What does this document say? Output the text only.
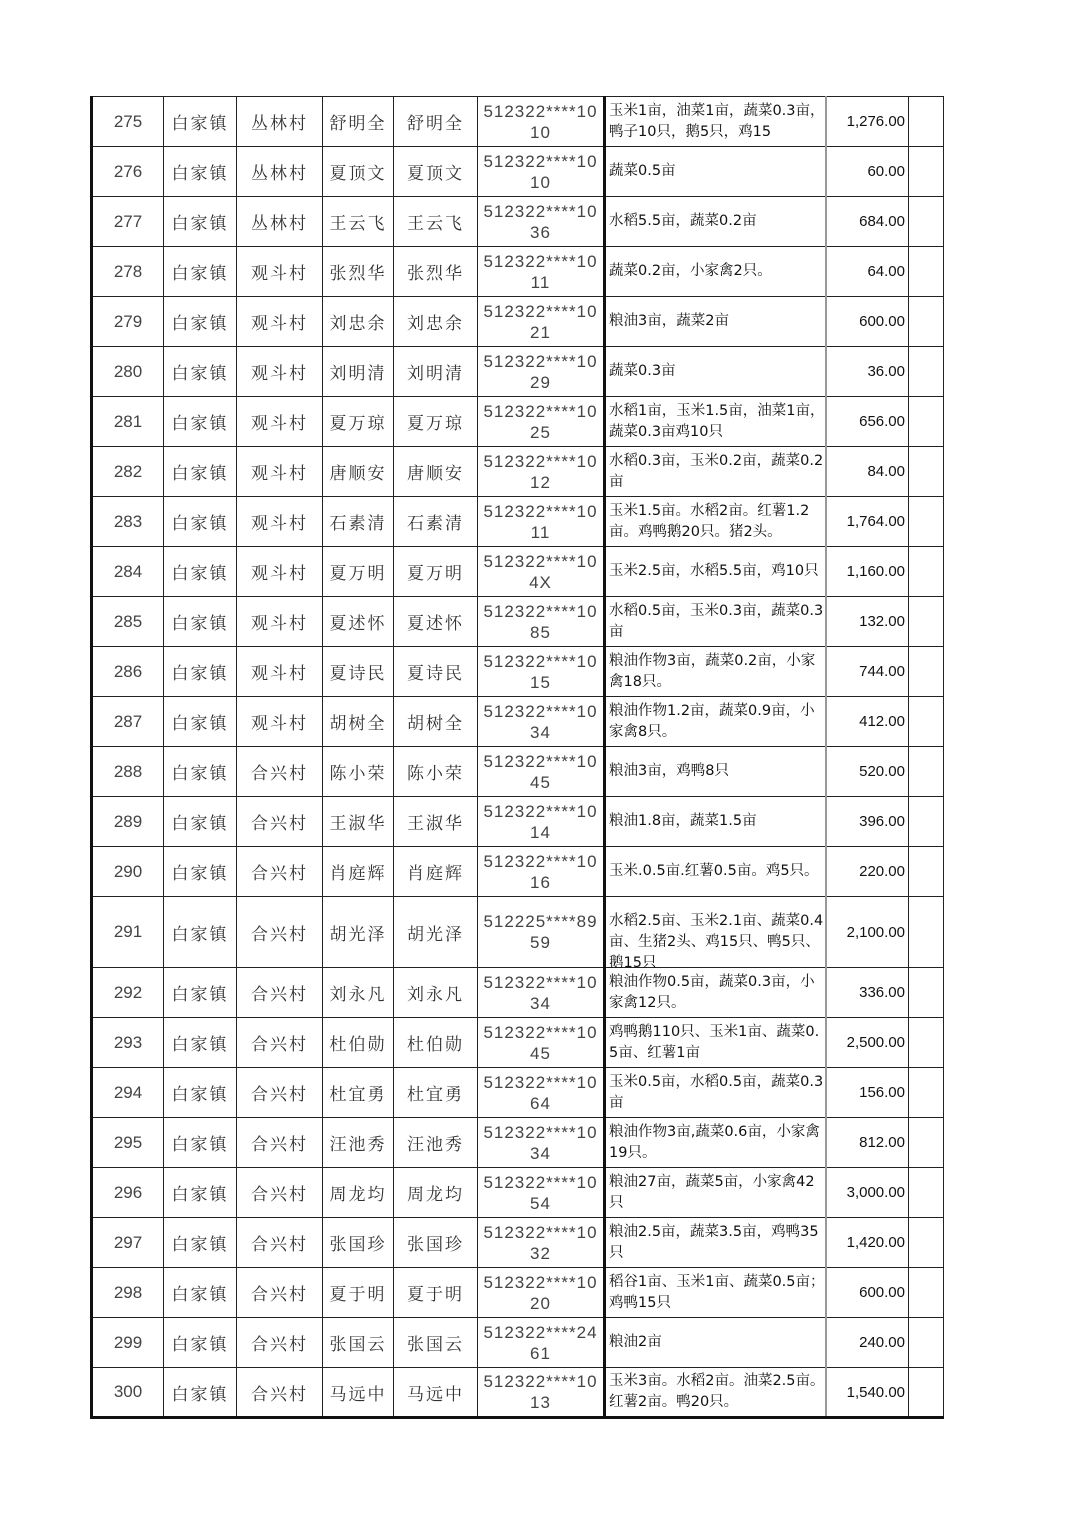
275	白家镇	丛林村	舒明全	舒明全	512322****1010	玉米1亩，油菜1亩，蔬菜0.3亩，鸭子10只，鹅5只，鸡15	1,276.00	
276	白家镇	丛林村	夏顶文	夏顶文	512322****1010	蔬菜0.5亩	60.00	
277	白家镇	丛林村	王云飞	王云飞	512322****1036	水稻5.5亩，蔬菜0.2亩	684.00	
278	白家镇	观斗村	张烈华	张烈华	512322****1011	蔬菜0.2亩，小家禽2只。	64.00	
279	白家镇	观斗村	刘忠余	刘忠余	512322****1021	粮油3亩，蔬菜2亩	600.00	
280	白家镇	观斗村	刘明清	刘明清	512322****1029	蔬菜0.3亩	36.00	
281	白家镇	观斗村	夏万琼	夏万琼	512322****1025	水稻1亩，玉米1.5亩，油菜1亩，蔬菜0.3亩鸡10只	656.00	
282	白家镇	观斗村	唐顺安	唐顺安	512322****1012	水稻0.3亩，玉米0.2亩，蔬菜0.2亩	84.00	
283	白家镇	观斗村	石素清	石素清	512322****1011	玉米1.5亩。水稻2亩。红薯1.2亩。鸡鸭鹅20只。猪2头。	1,764.00	
284	白家镇	观斗村	夏万明	夏万明	512322****104X	玉米2.5亩，水稻5.5亩，鸡10只	1,160.00	
285	白家镇	观斗村	夏述怀	夏述怀	512322****1085	水稻0.5亩，玉米0.3亩，蔬菜0.3亩	132.00	
286	白家镇	观斗村	夏诗民	夏诗民	512322****1015	粮油作物3亩，蔬菜0.2亩，小家禽18只。	744.00	
287	白家镇	观斗村	胡树全	胡树全	512322****1034	粮油作物1.2亩，蔬菜0.9亩，小家禽8只。	412.00	
288	白家镇	合兴村	陈小荣	陈小荣	512322****1045	粮油3亩，鸡鸭8只	520.00	
289	白家镇	合兴村	王淑华	王淑华	512322****1014	粮油1.8亩，蔬菜1.5亩	396.00	
290	白家镇	合兴村	肖庭辉	肖庭辉	512322****1016	玉米.0.5亩.红薯0.5亩。鸡5只。	220.00	
291	白家镇	合兴村	胡光泽	胡光泽	512225****8959	水稻2.5亩、玉米2.1亩、蔬菜0.4亩、生猪2头、鸡15只、鸭5只、鹅15只	2,100.00	
292	白家镇	合兴村	刘永凡	刘永凡	512322****1034	粮油作物0.5亩，蔬菜0.3亩，小家禽12只。	336.00	
293	白家镇	合兴村	杜伯勋	杜伯勋	512322****1045	鸡鸭鹅110只、玉米1亩、蔬菜0.5亩、红薯1亩	2,500.00	
294	白家镇	合兴村	杜宜勇	杜宜勇	512322****1064	玉米0.5亩，水稻0.5亩，蔬菜0.3亩	156.00	
295	白家镇	合兴村	汪池秀	汪池秀	512322****1034	粮油作物3亩,蔬菜0.6亩，小家禽19只。	812.00	
296	白家镇	合兴村	周龙均	周龙均	512322****1054	粮油27亩，蔬菜5亩，小家禽42只	3,000.00	
297	白家镇	合兴村	张国珍	张国珍	512322****1032	粮油2.5亩，蔬菜3.5亩，鸡鸭35只	1,420.00	
298	白家镇	合兴村	夏于明	夏于明	512322****1020	稻谷1亩、玉米1亩、蔬菜0.5亩；鸡鸭15只	600.00	
299	白家镇	合兴村	张国云	张国云	512322****2461	粮油2亩	240.00	
300	白家镇	合兴村	马远中	马远中	512322****1013	玉米3亩。水稻2亩。油菜2.5亩。红薯2亩。鸭20只。	1,540.00	
